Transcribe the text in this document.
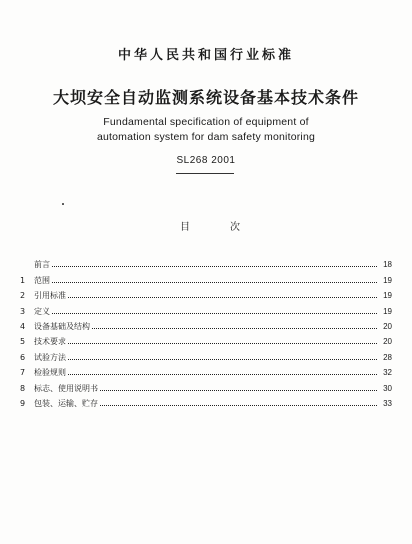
中华人民共和国行业标准
大坝安全自动监测系统设备基本技术条件
Fundamental specification of equipment of
automation system for dam safety monitoring
SL268 2001
目	次
前言	18
1	范围	19
2	引用标准	19
3	定义	19
4	设备基础及结构	20
5	技术要求	20
6	试验方法	28
7	检验规则	32
8	标志、使用说明书	30
9	包装、运输、贮存	33
